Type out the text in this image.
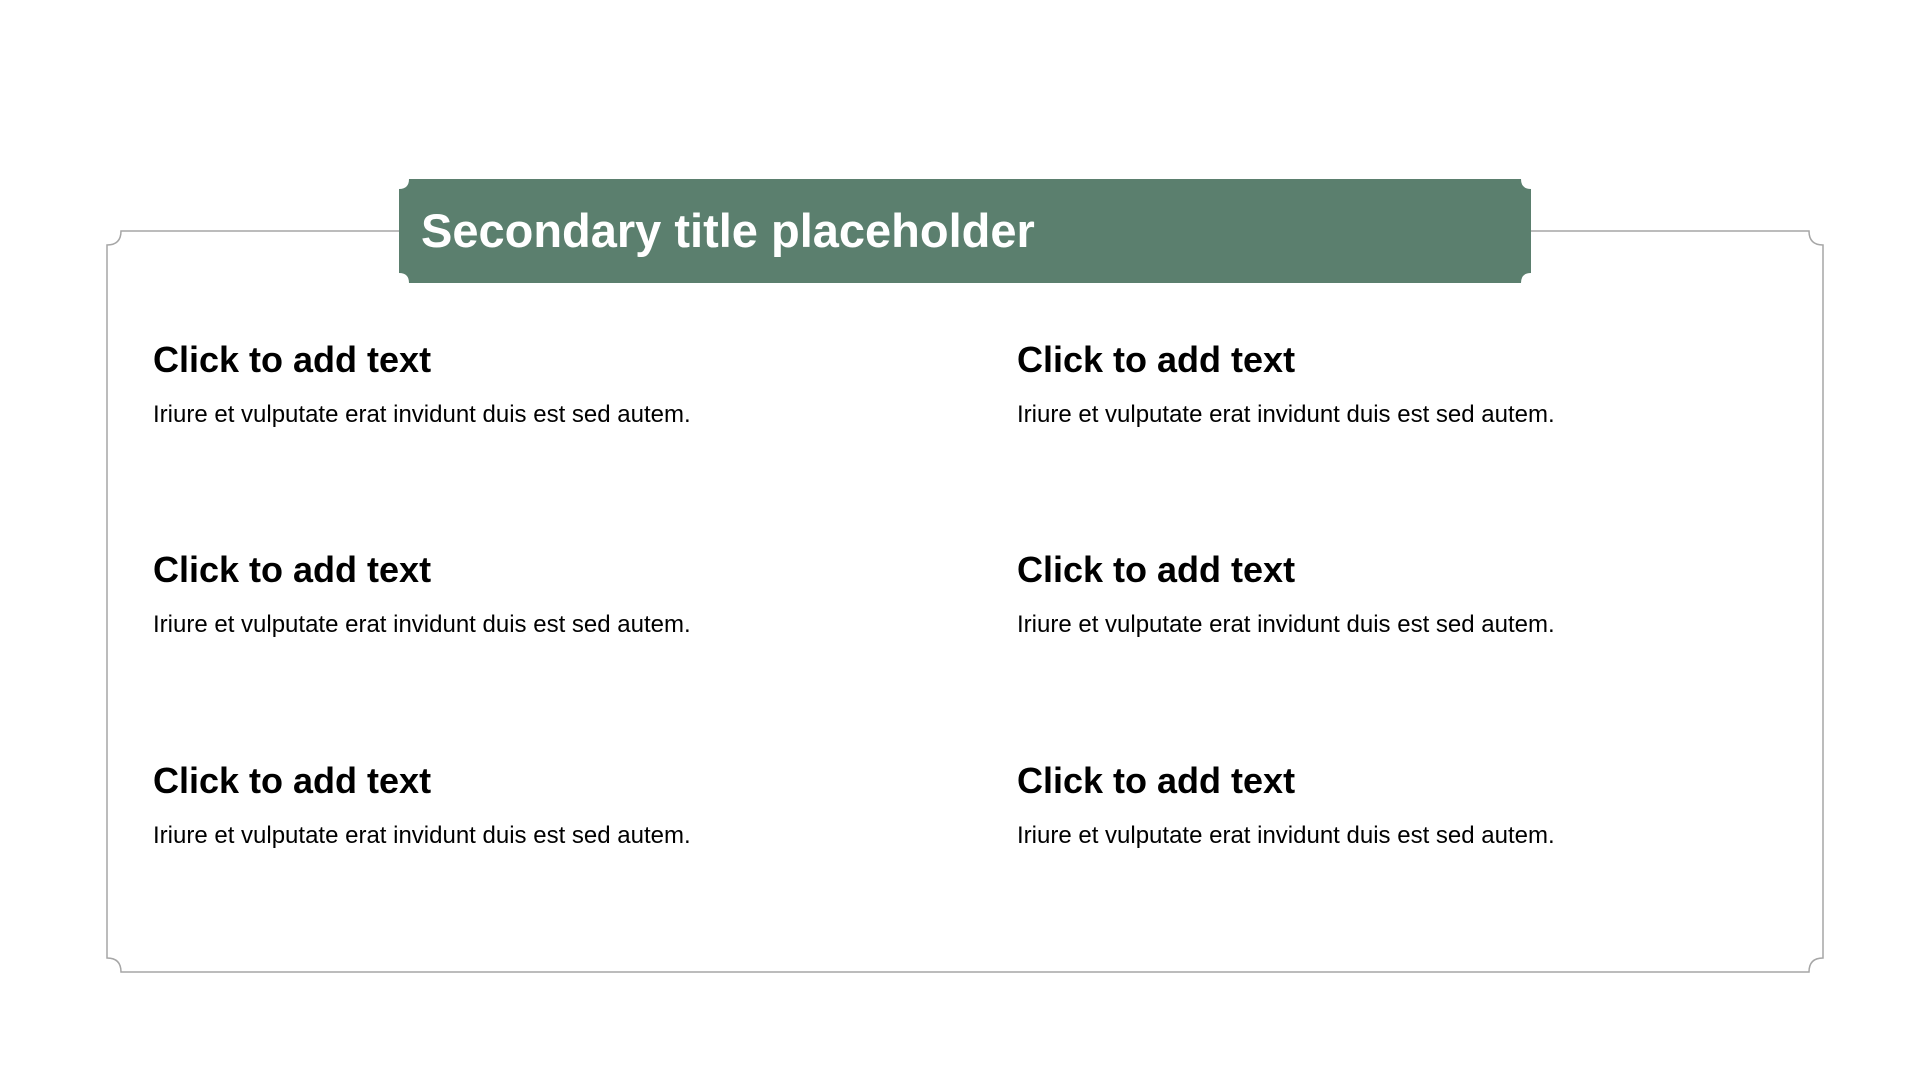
Secondary title placeholder
Click to add text
Iriure et vulputate erat invidunt duis est sed autem.
Click to add text
Iriure et vulputate erat invidunt duis est sed autem.
Click to add text
Iriure et vulputate erat invidunt duis est sed autem.
Click to add text
Iriure et vulputate erat invidunt duis est sed autem.
Click to add text
Iriure et vulputate erat invidunt duis est sed autem.
Click to add text
Iriure et vulputate erat invidunt duis est sed autem.
